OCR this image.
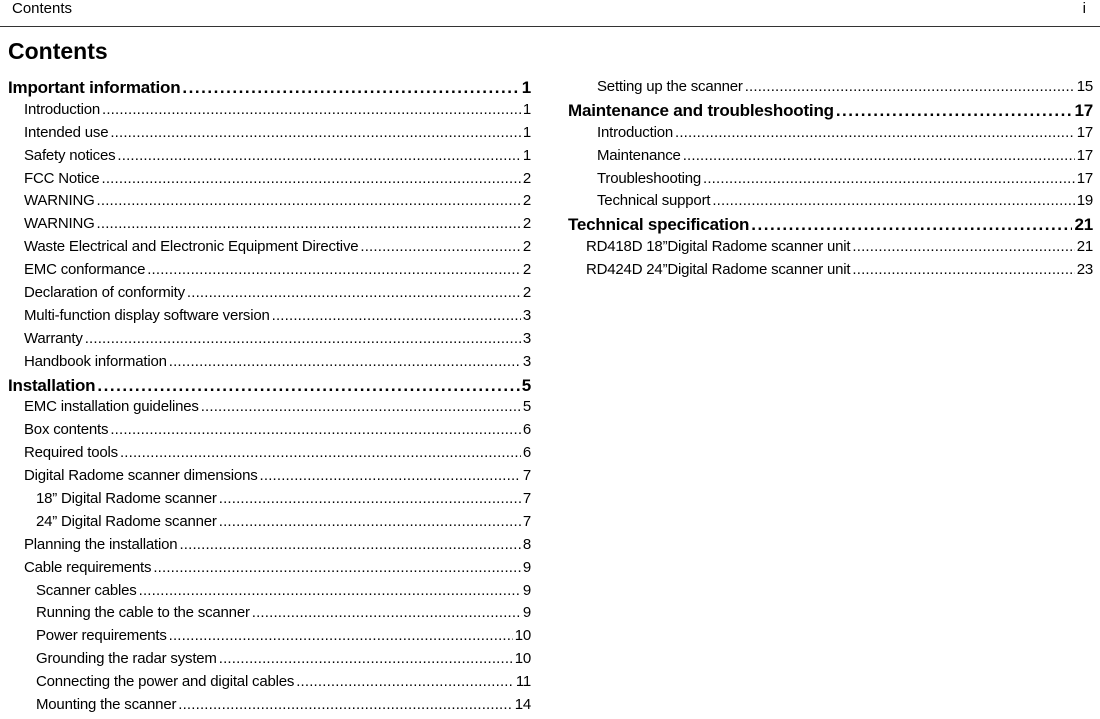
Contents	i
Contents
Important information . . .	1
Introduction . . .	1
Intended use . . .	1
Safety notices . . .	1
FCC Notice . . .	2
WARNING . . .	2
WARNING . . .	2
Waste Electrical and Electronic Equipment Directive . . .	2
EMC conformance . . .	2
Declaration of conformity . . .	2
Multi-function display software version . . .	3
Warranty . . .	3
Handbook information . . .	3
Installation . . .	5
EMC installation guidelines . . .	5
Box contents . . .	6
Required tools . . .	6
Digital Radome scanner dimensions . . .	7
18” Digital Radome scanner . . .	7
24” Digital Radome scanner . . .	7
Planning the installation . . .	8
Cable requirements . . .	9
Scanner cables . . .	9
Running the cable to the scanner . . .	9
Power requirements . . .	10
Grounding the radar system . . .	10
Connecting the power and digital cables . . .	11
Mounting the scanner . . .	14
Setting up the scanner . . .	15
Maintenance and troubleshooting . . .	17
Introduction . . .	17
Maintenance . . .	17
Troubleshooting . . .	17
Technical support . . .	19
Technical specification . . .	21
RD418D 18”Digital Radome scanner unit . . .	21
RD424D 24”Digital Radome scanner unit . . .	23
